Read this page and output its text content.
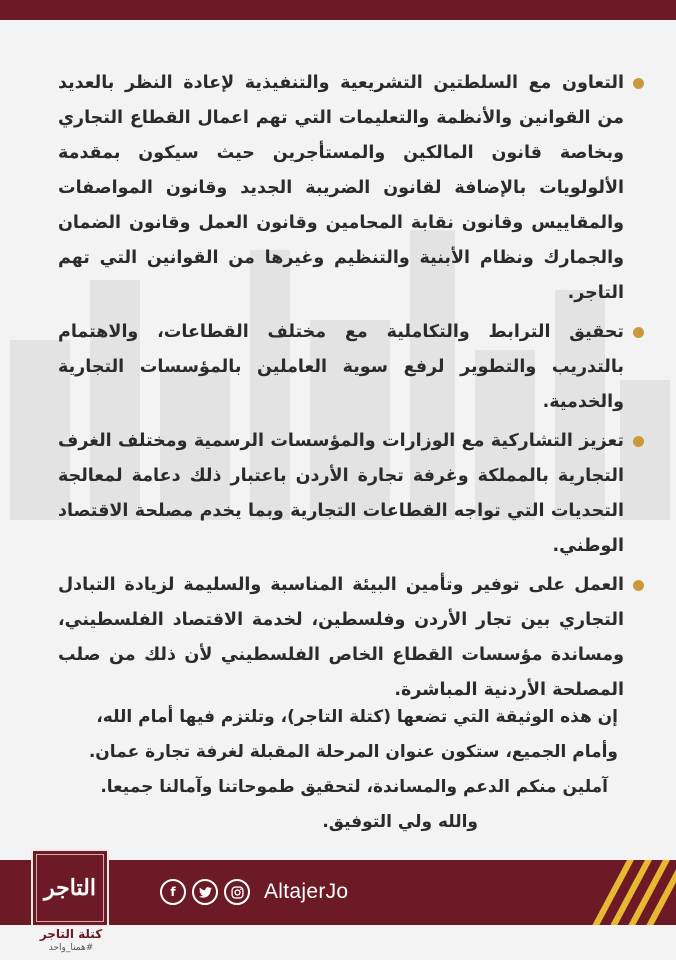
التعاون مع السلطتين التشريعية والتنفيذية لإعادة النظر بالعديد من القوانين والأنظمة والتعليمات التي تهم اعمال القطاع التجاري وبخاصة قانون المالكين والمستأجرين حيث سيكون بمقدمة الألولويات بالإضافة لقانون الضريبة الجديد وقانون المواصفات والمقاييس وقانون نقابة المحامين وقانون العمل وقانون الضمان والجمارك ونظام الأبنية والتنظيم وغيرها من القوانين التي تهم التاجر.
تحقيق الترابط والتكاملية مع مختلف القطاعات، والاهتمام بالتدريب والتطوير لرفع سوية العاملين بالمؤسسات التجارية والخدمية.
تعزيز التشاركية مع الوزارات والمؤسسات الرسمية ومختلف الغرف التجارية بالمملكة وغرفة تجارة الأردن باعتبار ذلك دعامة لمعالجة التحديات التي تواجه القطاعات التجارية وبما يخدم مصلحة الاقتصاد الوطني.
العمل على توفير وتأمين البيئة المناسبة والسليمة لزيادة التبادل التجاري بين تجار الأردن وفلسطين، لخدمة الاقتصاد الفلسطيني، ومساندة مؤسسات القطاع الخاص الفلسطيني لأن ذلك من صلب المصلحة الأردنية المباشرة.
إن هذه الوثيقة التي تضعها (كتلة التاجر)، وتلتزم فيها أمام الله،
وأمام الجميع، ستكون عنوان المرحلة المقبلة لغرفة تجارة عمان.
آملين منكم الدعم والمساندة، لتحقيق طموحاتنا وآمالنا جميعا.
والله ولي التوفيق.
التاجر
كتلة التاجر
#همنا_واحد
f	AltajerJo
